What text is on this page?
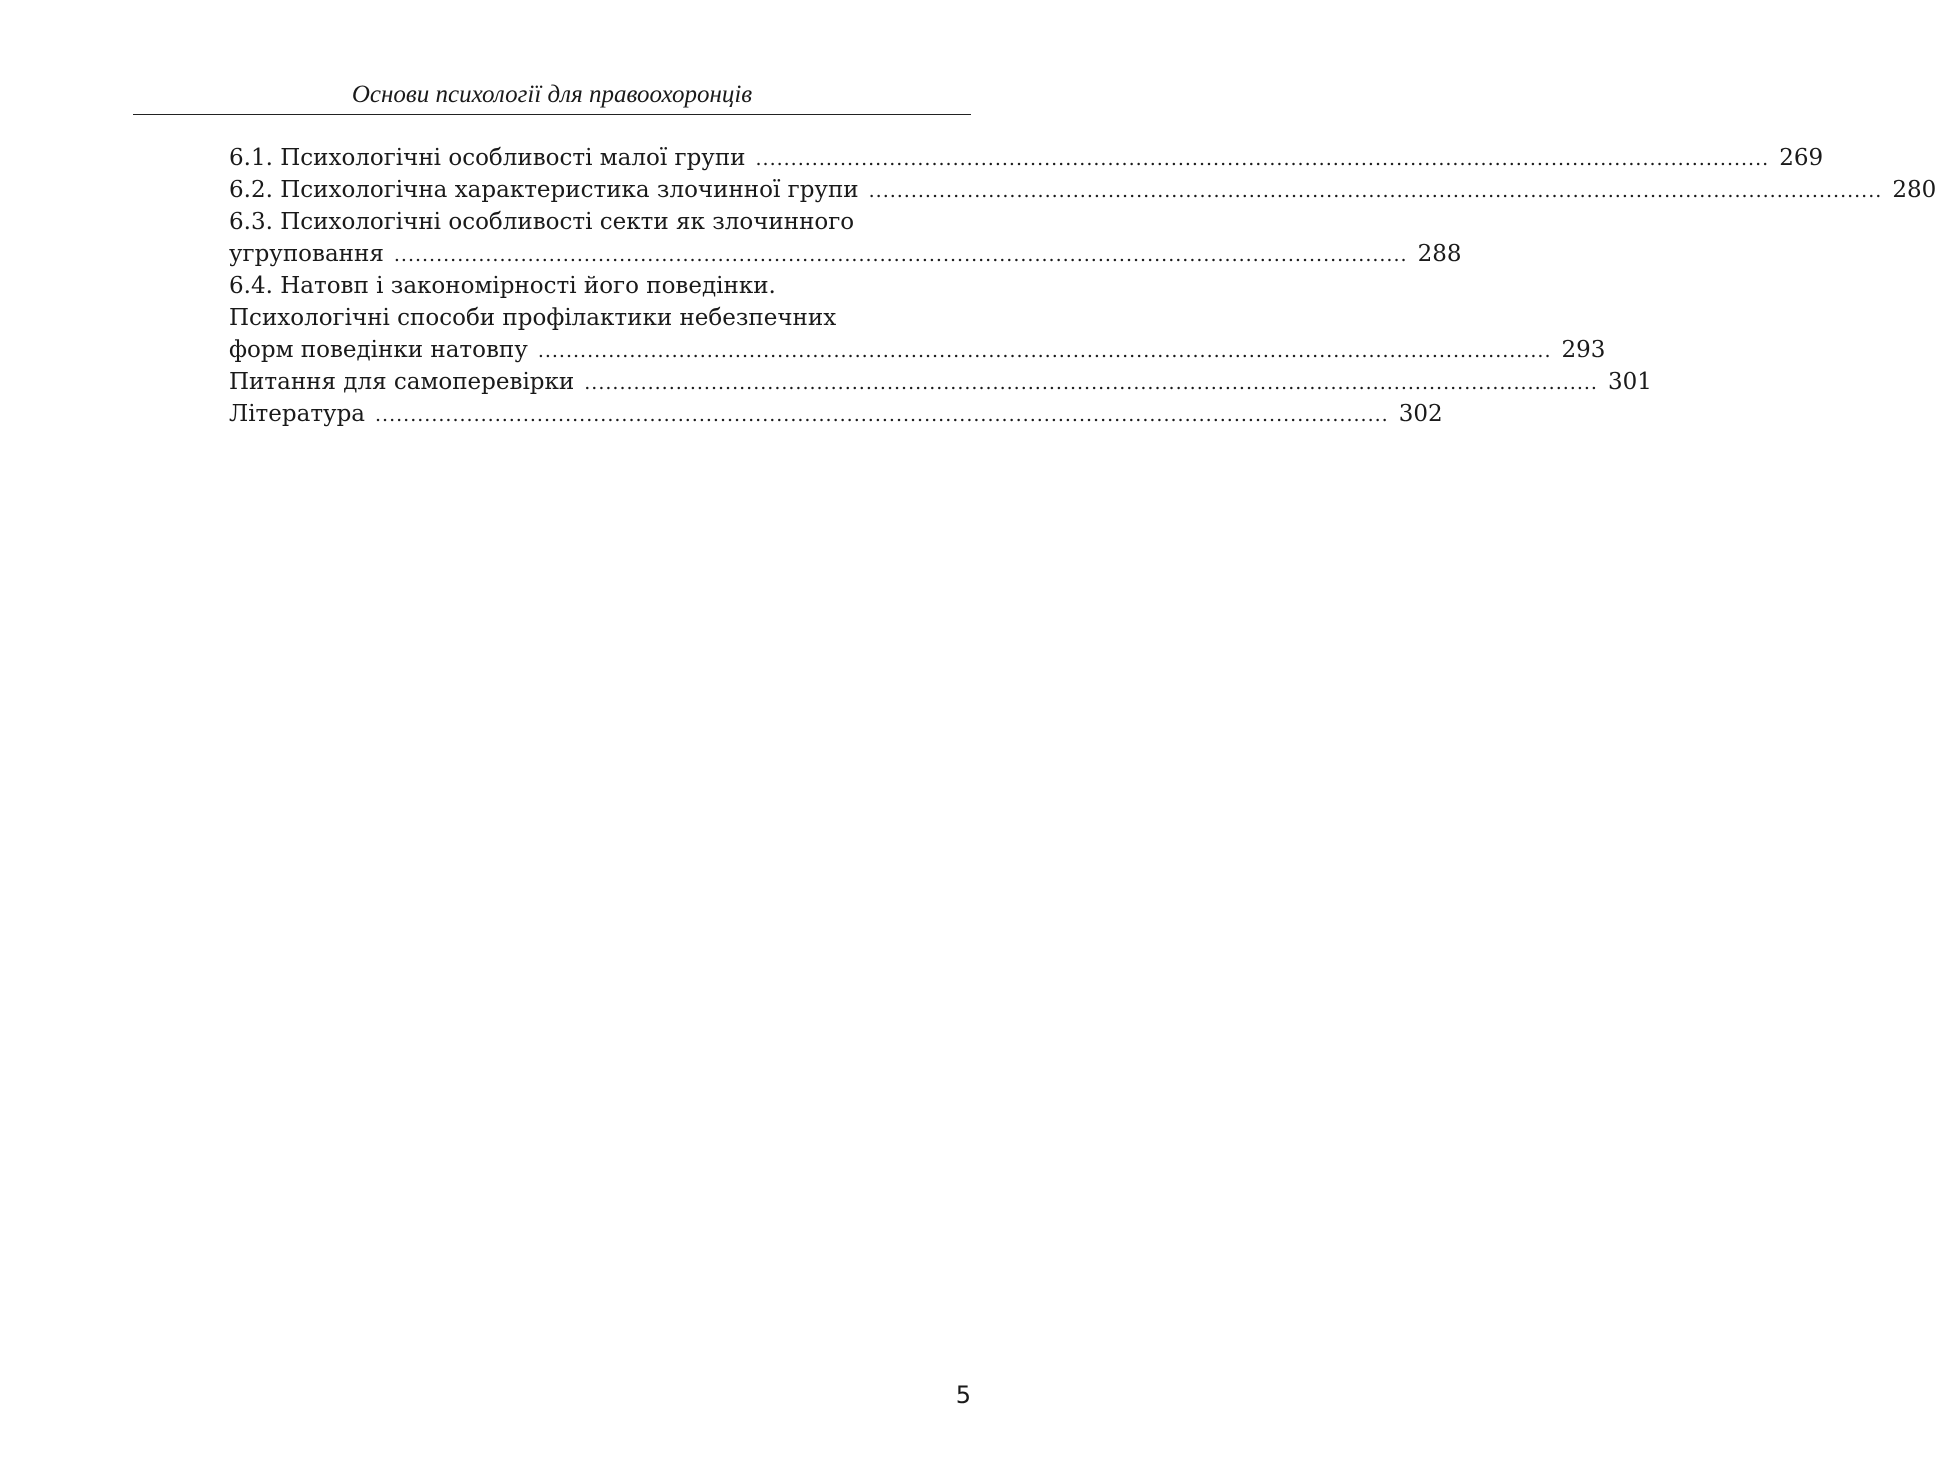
Основи психології для правоохоронців
6.1. Психологічні особливості малої групи ................................................................................................................................................ 269
6.2. Психологічна характеристика злочинної групи ................................................................................................................................................ 280
6.3. Психологічні особливості секти як злочинного
угруповання ................................................................................................................................................ 288
6.4. Натовп і закономірності його поведінки.
Психологічні способи профілактики небезпечних
форм поведінки натовпу ................................................................................................................................................ 293
Питання для самоперевірки ................................................................................................................................................ 301
Література ................................................................................................................................................ 302
5
